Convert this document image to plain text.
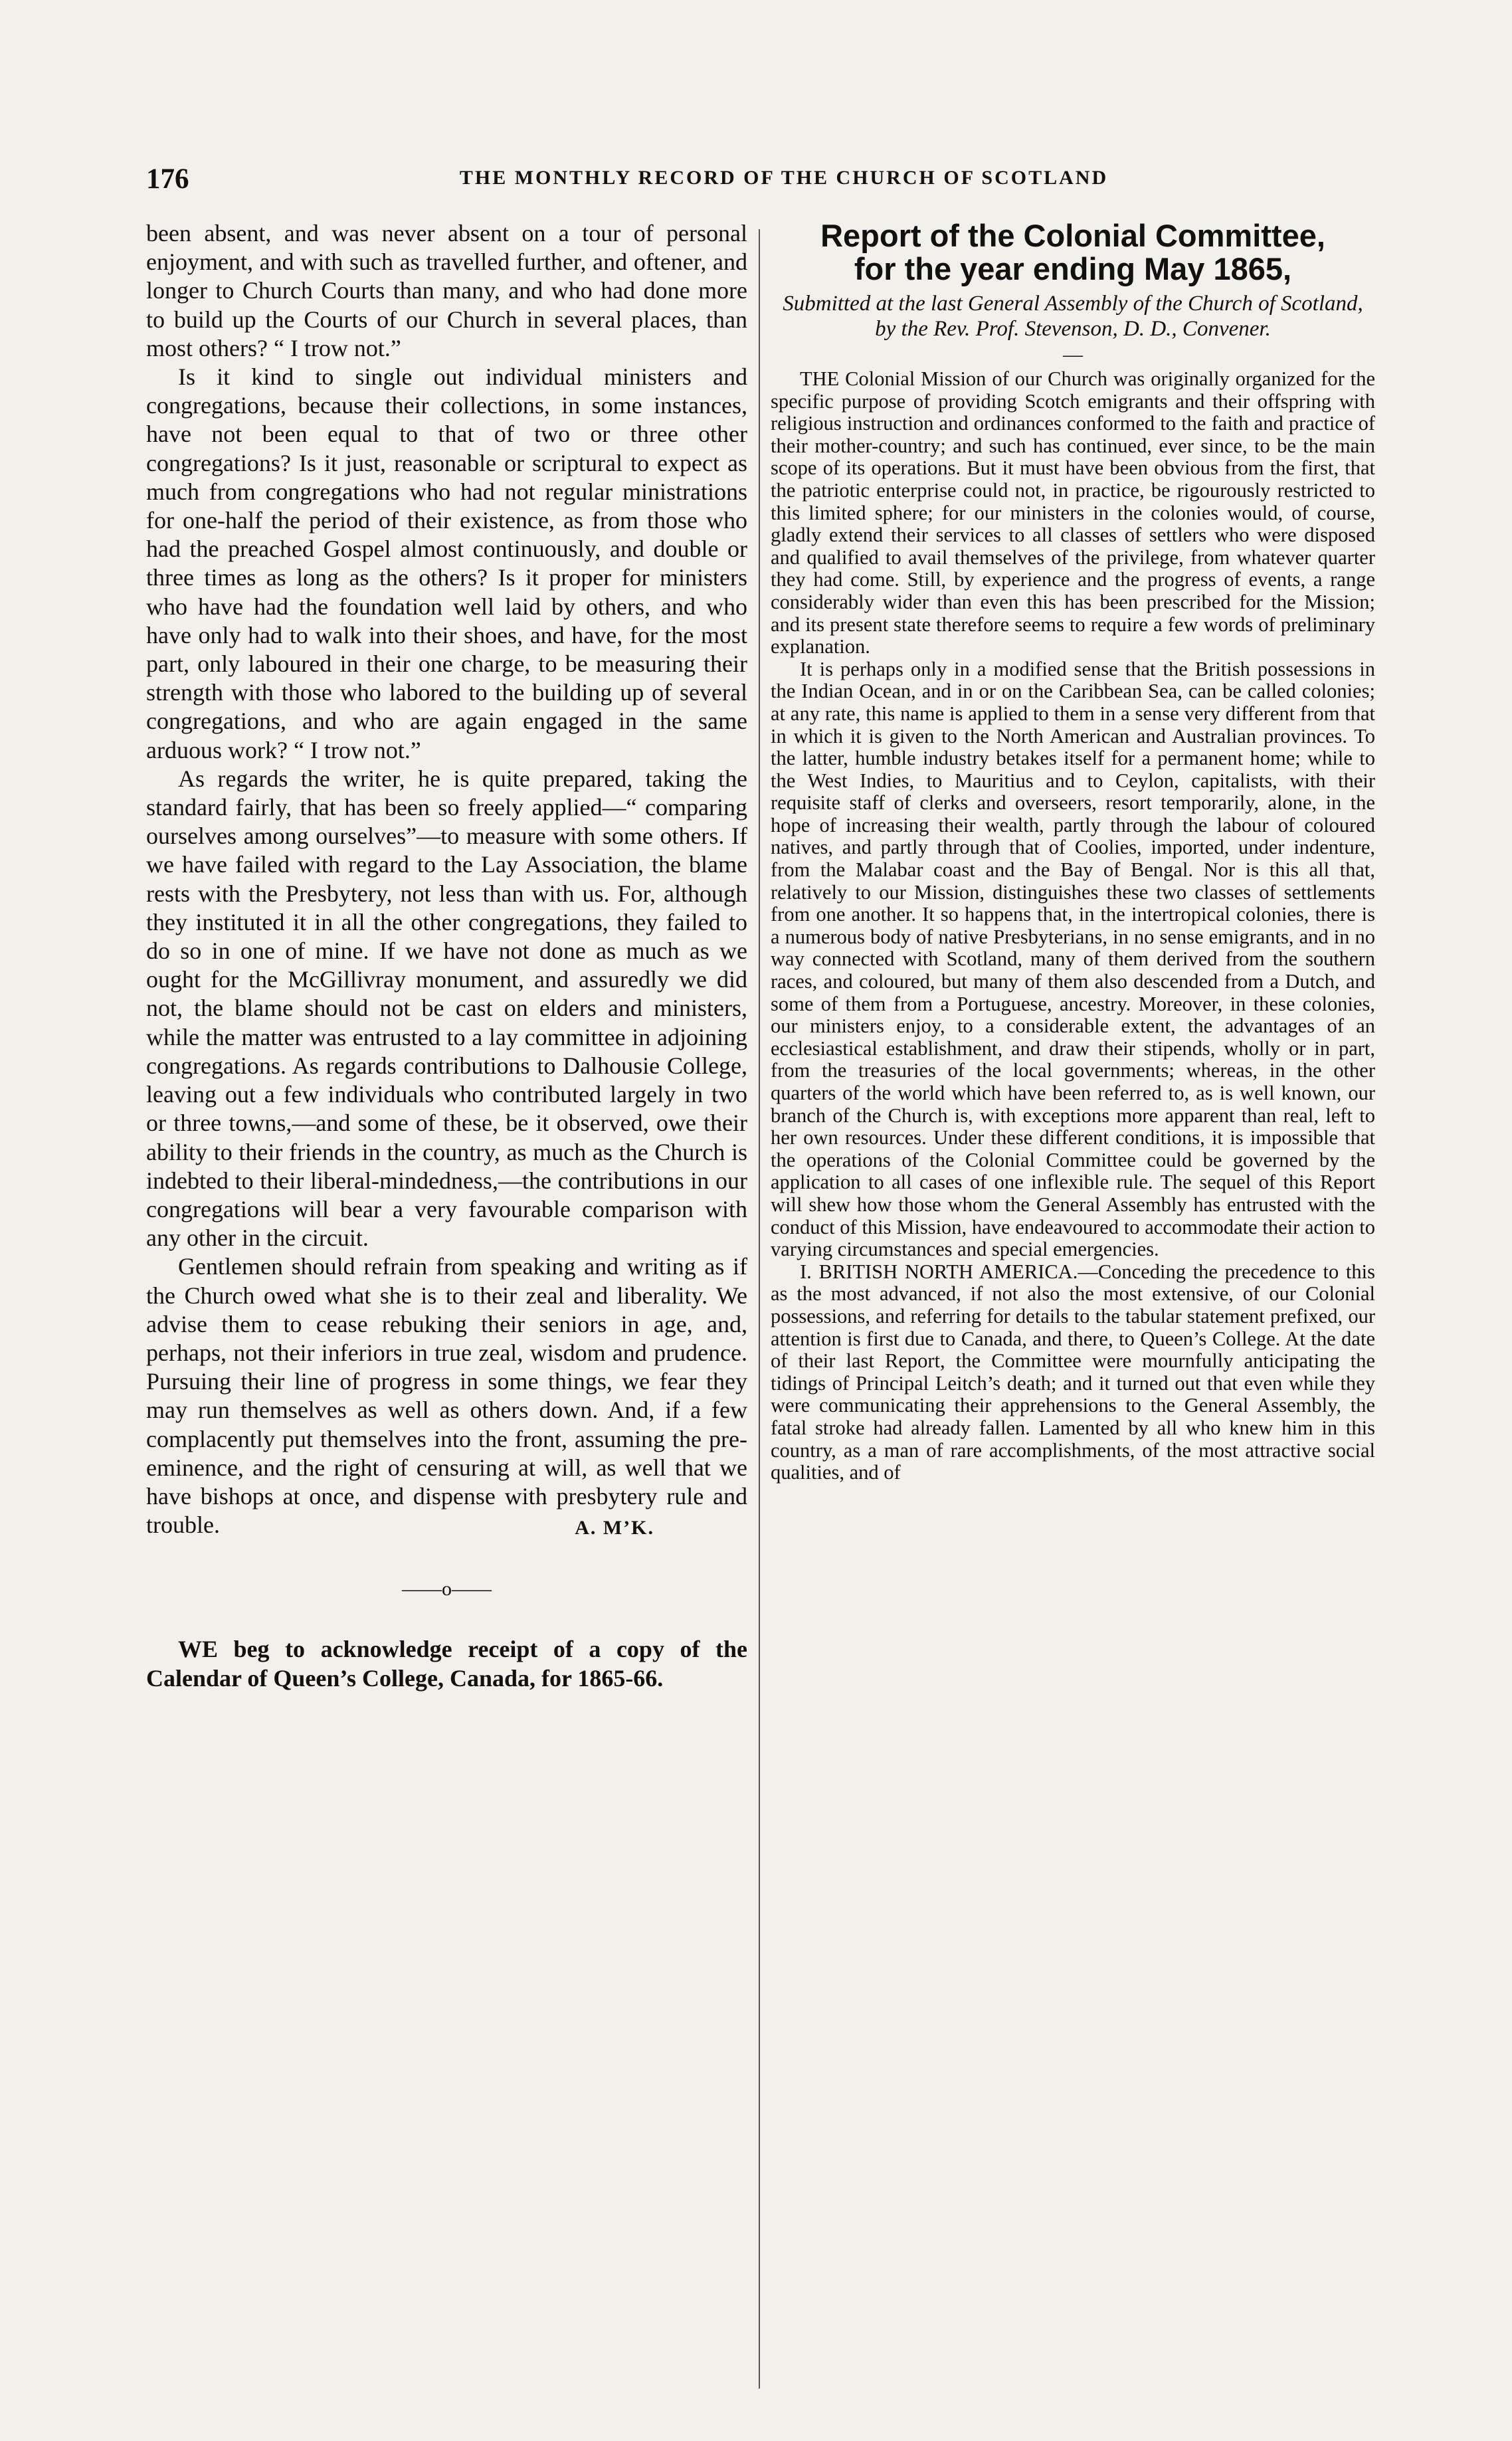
176	THE MONTHLY RECORD OF THE CHURCH OF SCOTLAND

been absent, and was never absent on a tour of personal enjoyment, and with such as travelled further, and oftener, and longer to Church Courts than many, and who had done more to build up the Courts of our Church in several places, than most others? “ I trow not.”

Is it kind to single out individual ministers and congregations, because their collections, in some instances, have not been equal to that of two or three other congregations? Is it just, reasonable or scriptural to expect as much from congregations who had not regular ministrations for one-half the period of their existence, as from those who had the preached Gospel almost continuously, and double or three times as long as the others? Is it proper for ministers who have had the foundation well laid by others, and who have only had to walk into their shoes, and have, for the most part, only laboured in their one charge, to be measuring their strength with those who labored to the building up of several congregations, and who are again engaged in the same arduous work? “ I trow not.”

As regards the writer, he is quite prepared, taking the standard fairly, that has been so freely applied—“ comparing ourselves among ourselves”—to measure with some others. If we have failed with regard to the Lay Association, the blame rests with the Presbytery, not less than with us. For, although they instituted it in all the other congregations, they failed to do so in one of mine. If we have not done as much as we ought for the McGillivray monument, and assuredly we did not, the blame should not be cast on elders and ministers, while the matter was entrusted to a lay committee in adjoining congregations. As regards contributions to Dalhousie College, leaving out a few individuals who contributed largely in two or three towns,—and some of these, be it observed, owe their ability to their friends in the country, as much as the Church is indebted to their liberal-mindedness,—the contributions in our congregations will bear a very favourable comparison with any other in the circuit.

Gentlemen should refrain from speaking and writing as if the Church owed what she is to their zeal and liberality. We advise them to cease rebuking their seniors in age, and, perhaps, not their inferiors in true zeal, wisdom and prudence. Pursuing their line of progress in some things, we fear they may run themselves as well as others down. And, if a few complacently put themselves into the front, assuming the pre-eminence, and the right of censuring at will, as well that we have bishops at once, and dispense with presbytery rule and trouble.	A. M’K.
——o——

WE beg to acknowledge receipt of a copy of the Calendar of Queen’s College, Canada, for 1865-66.

Report of the Colonial Committee,
for the year ending May 1865,
Submitted at the last General Assembly of the Church of Scotland, by the Rev. Prof. Stevenson, D. D., Convener.
—

THE Colonial Mission of our Church was originally organized for the specific purpose of providing Scotch emigrants and their offspring with religious instruction and ordinances conformed to the faith and practice of their mother-country; and such has continued, ever since, to be the main scope of its operations. But it must have been obvious from the first, that the patriotic enterprise could not, in practice, be rigourously restricted to this limited sphere; for our ministers in the colonies would, of course, gladly extend their services to all classes of settlers who were disposed and qualified to avail themselves of the privilege, from whatever quarter they had come. Still, by experience and the progress of events, a range considerably wider than even this has been prescribed for the Mission; and its present state therefore seems to require a few words of preliminary explanation.

It is perhaps only in a modified sense that the British possessions in the Indian Ocean, and in or on the Caribbean Sea, can be called colonies; at any rate, this name is applied to them in a sense very different from that in which it is given to the North American and Australian provinces. To the latter, humble industry betakes itself for a permanent home; while to the West Indies, to Mauritius and to Ceylon, capitalists, with their requisite staff of clerks and overseers, resort temporarily, alone, in the hope of increasing their wealth, partly through the labour of coloured natives, and partly through that of Coolies, imported, under indenture, from the Malabar coast and the Bay of Bengal. Nor is this all that, relatively to our Mission, distinguishes these two classes of settlements from one another. It so happens that, in the intertropical colonies, there is a numerous body of native Presbyterians, in no sense emigrants, and in no way connected with Scotland, many of them derived from the southern races, and coloured, but many of them also descended from a Dutch, and some of them from a Portuguese, ancestry. Moreover, in these colonies, our ministers enjoy, to a considerable extent, the advantages of an ecclesiastical establishment, and draw their stipends, wholly or in part, from the treasuries of the local governments; whereas, in the other quarters of the world which have been referred to, as is well known, our branch of the Church is, with exceptions more apparent than real, left to her own resources. Under these different conditions, it is impossible that the operations of the Colonial Committee could be governed by the application to all cases of one inflexible rule. The sequel of this Report will shew how those whom the General Assembly has entrusted with the conduct of this Mission, have endeavoured to accommodate their action to varying circumstances and special emergencies.

I. BRITISH NORTH AMERICA.—Conceding the precedence to this as the most advanced, if not also the most extensive, of our Colonial possessions, and referring for details to the tabular statement prefixed, our attention is first due to Canada, and there, to Queen’s College. At the date of their last Report, the Committee were mournfully anticipating the tidings of Principal Leitch’s death; and it turned out that even while they were communicating their apprehensions to the General Assembly, the fatal stroke had already fallen. Lamented by all who knew him in this country, as a man of rare accomplishments, of the most attractive social qualities, and of
